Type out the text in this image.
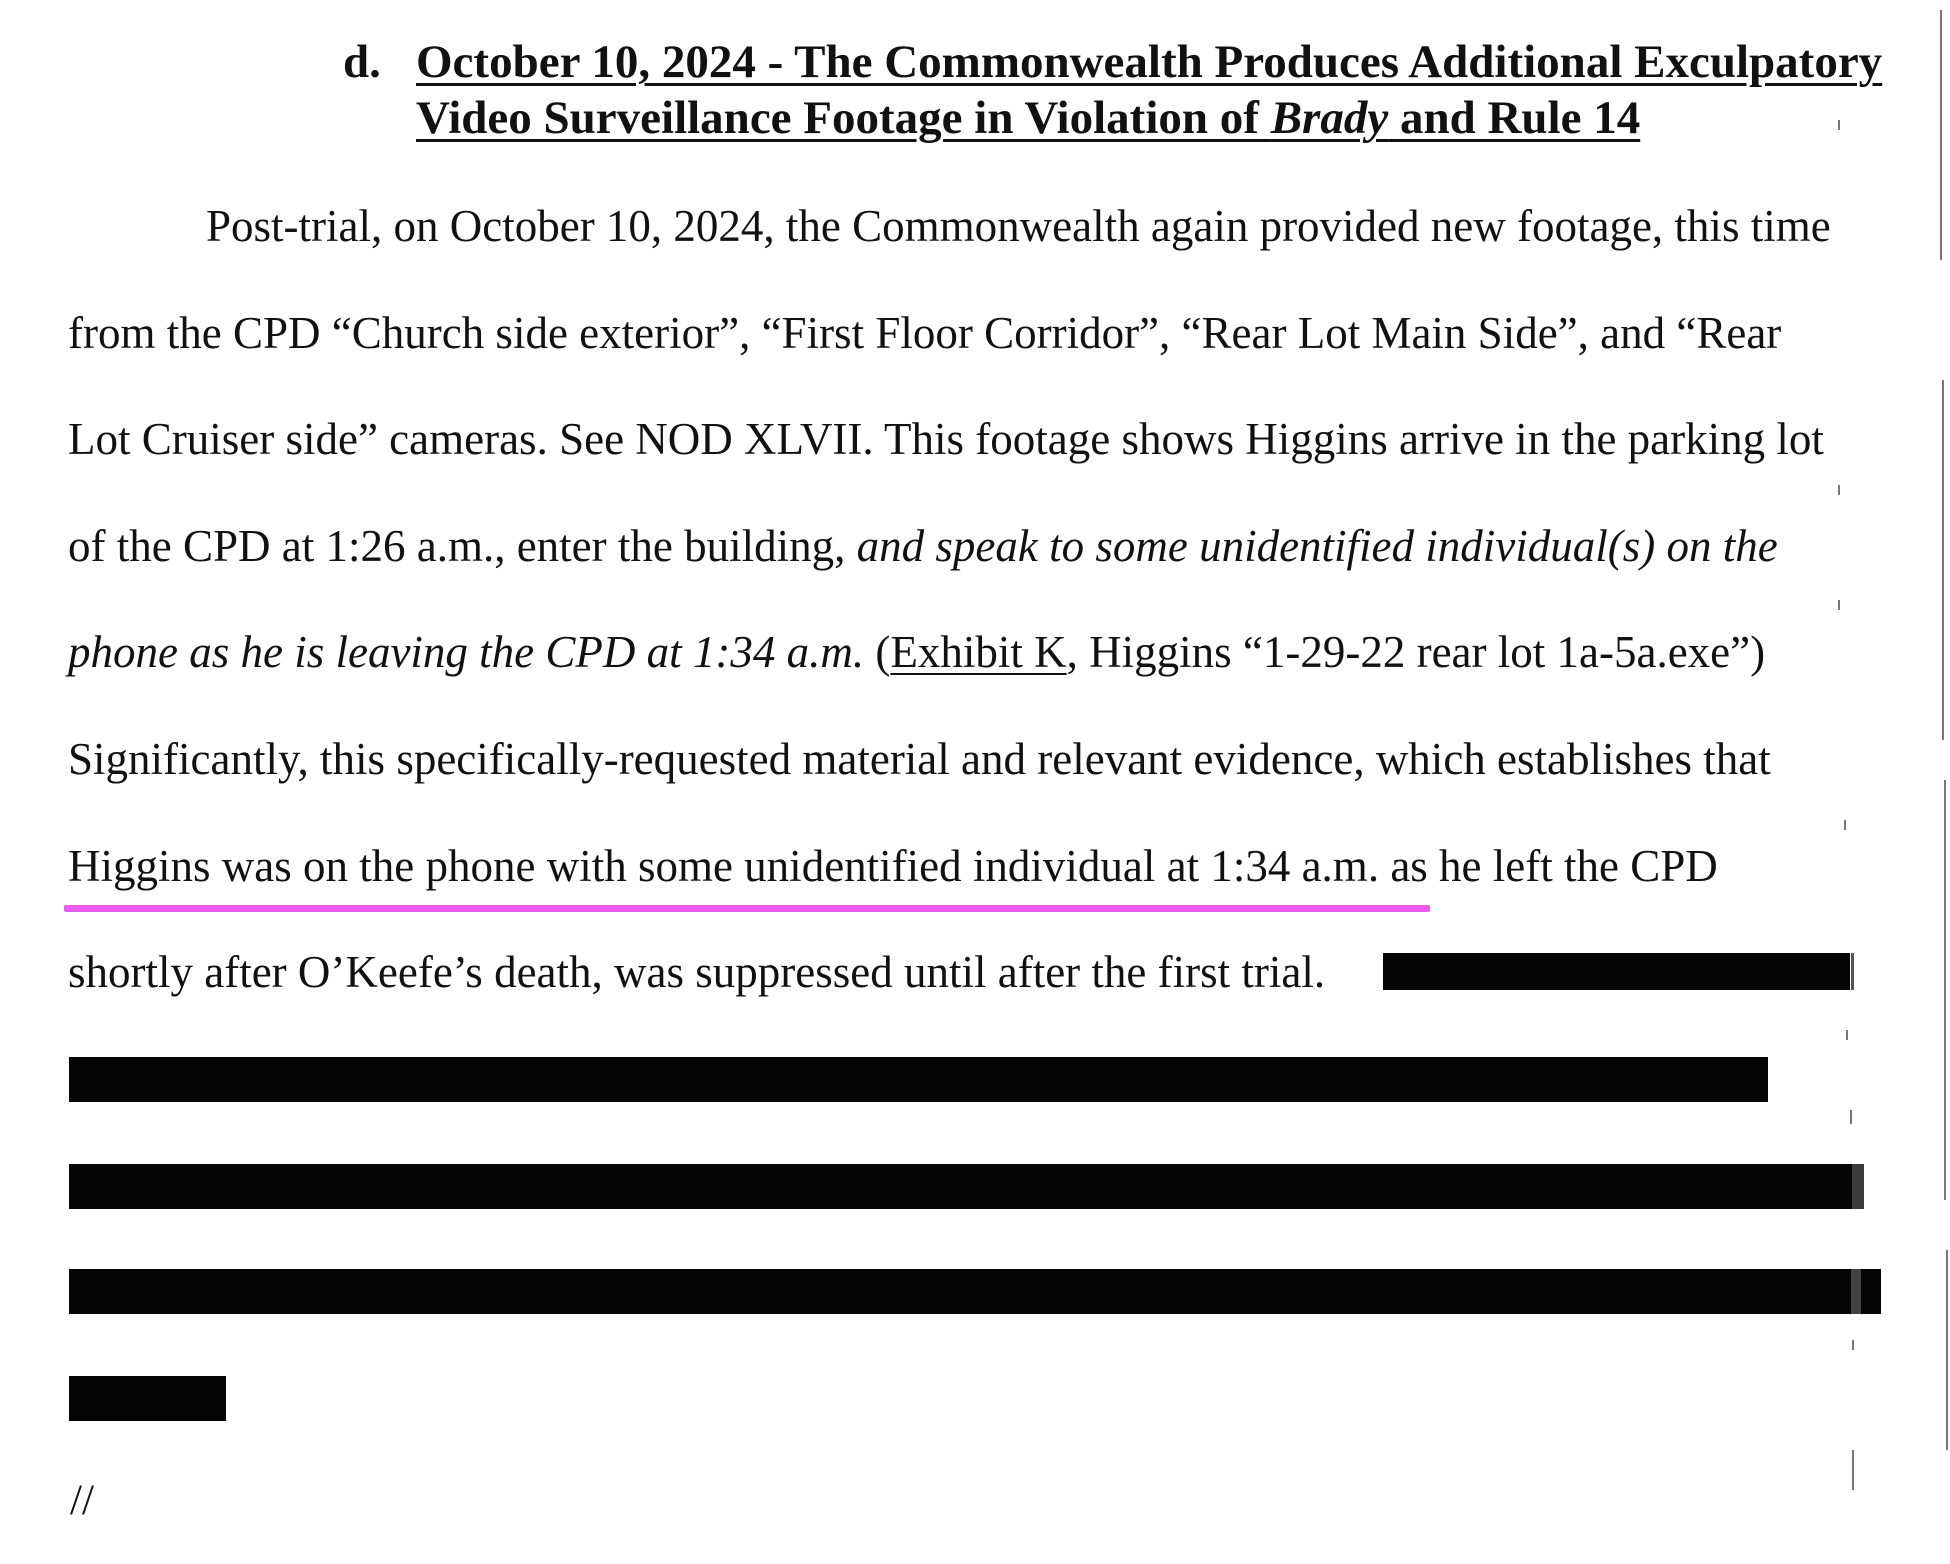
d. October 10, 2024 - The Commonwealth Produces Additional Exculpatory
Video Surveillance Footage in Violation of Brady and Rule 14
Post-trial, on October 10, 2024, the Commonwealth again provided new footage, this time
from the CPD “Church side exterior”, “First Floor Corridor”, “Rear Lot Main Side”, and “Rear
Lot Cruiser side” cameras. See NOD XLVII. This footage shows Higgins arrive in the parking lot
of the CPD at 1:26 a.m., enter the building, and speak to some unidentified individual(s) on the
phone as he is leaving the CPD at 1:34 a.m. (Exhibit K, Higgins “1-29-22 rear lot 1a-5a.exe”)
Significantly, this specifically-requested material and relevant evidence, which establishes that
Higgins was on the phone with some unidentified individual at 1:34 a.m. as he left the CPD
shortly after O’Keefe’s death, was suppressed until after the first trial.
//
